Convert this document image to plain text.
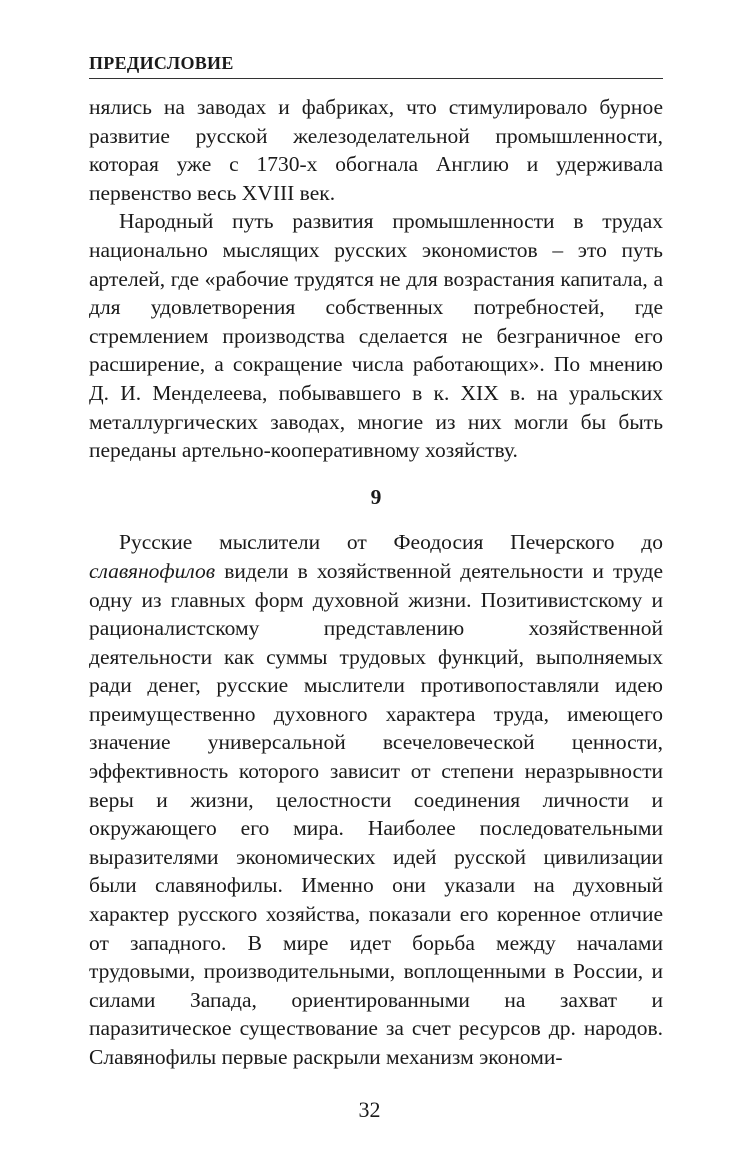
ПРЕДИСЛОВИЕ

нялись на заводах и фабриках, что стимулировало бурное развитие русской железоделательной промышленности, которая уже с 1730-х обогнала Англию и удерживала первенство весь XVIII век.

Народный путь развития промышленности в трудах национально мыслящих русских экономистов – это путь артелей, где «рабочие трудятся не для возрастания капитала, а для удовлетворения собственных потребностей, где стремлением производства сделается не безграничное его расширение, а сокращение числа работающих». По мнению Д. И. Менделеева, побывавшего в к. XIX в. на уральских металлургических заводах, многие из них могли бы быть переданы артельно-кооперативному хозяйству.

9

Русские мыслители от Феодосия Печерского до славянофилов видели в хозяйственной деятельности и труде одну из главных форм духовной жизни. Позитивистскому и рационалистскому представлению хозяйственной деятельности как суммы трудовых функций, выполняемых ради денег, русские мыслители противопоставляли идею преимущественно духовного характера труда, имеющего значение универсальной всечеловеческой ценности, эффективность которого зависит от степени неразрывности веры и жизни, целостности соединения личности и окружающего его мира. Наиболее последовательными выразителями экономических идей русской цивилизации были славянофилы. Именно они указали на духовный характер русского хозяйства, показали его коренное отличие от западного. В мире идет борьба между началами трудовыми, производительными, воплощенными в России, и силами Запада, ориентированными на захват и паразитическое существование за счет ресурсов др. народов. Славянофилы первые раскрыли механизм экономи-

32
